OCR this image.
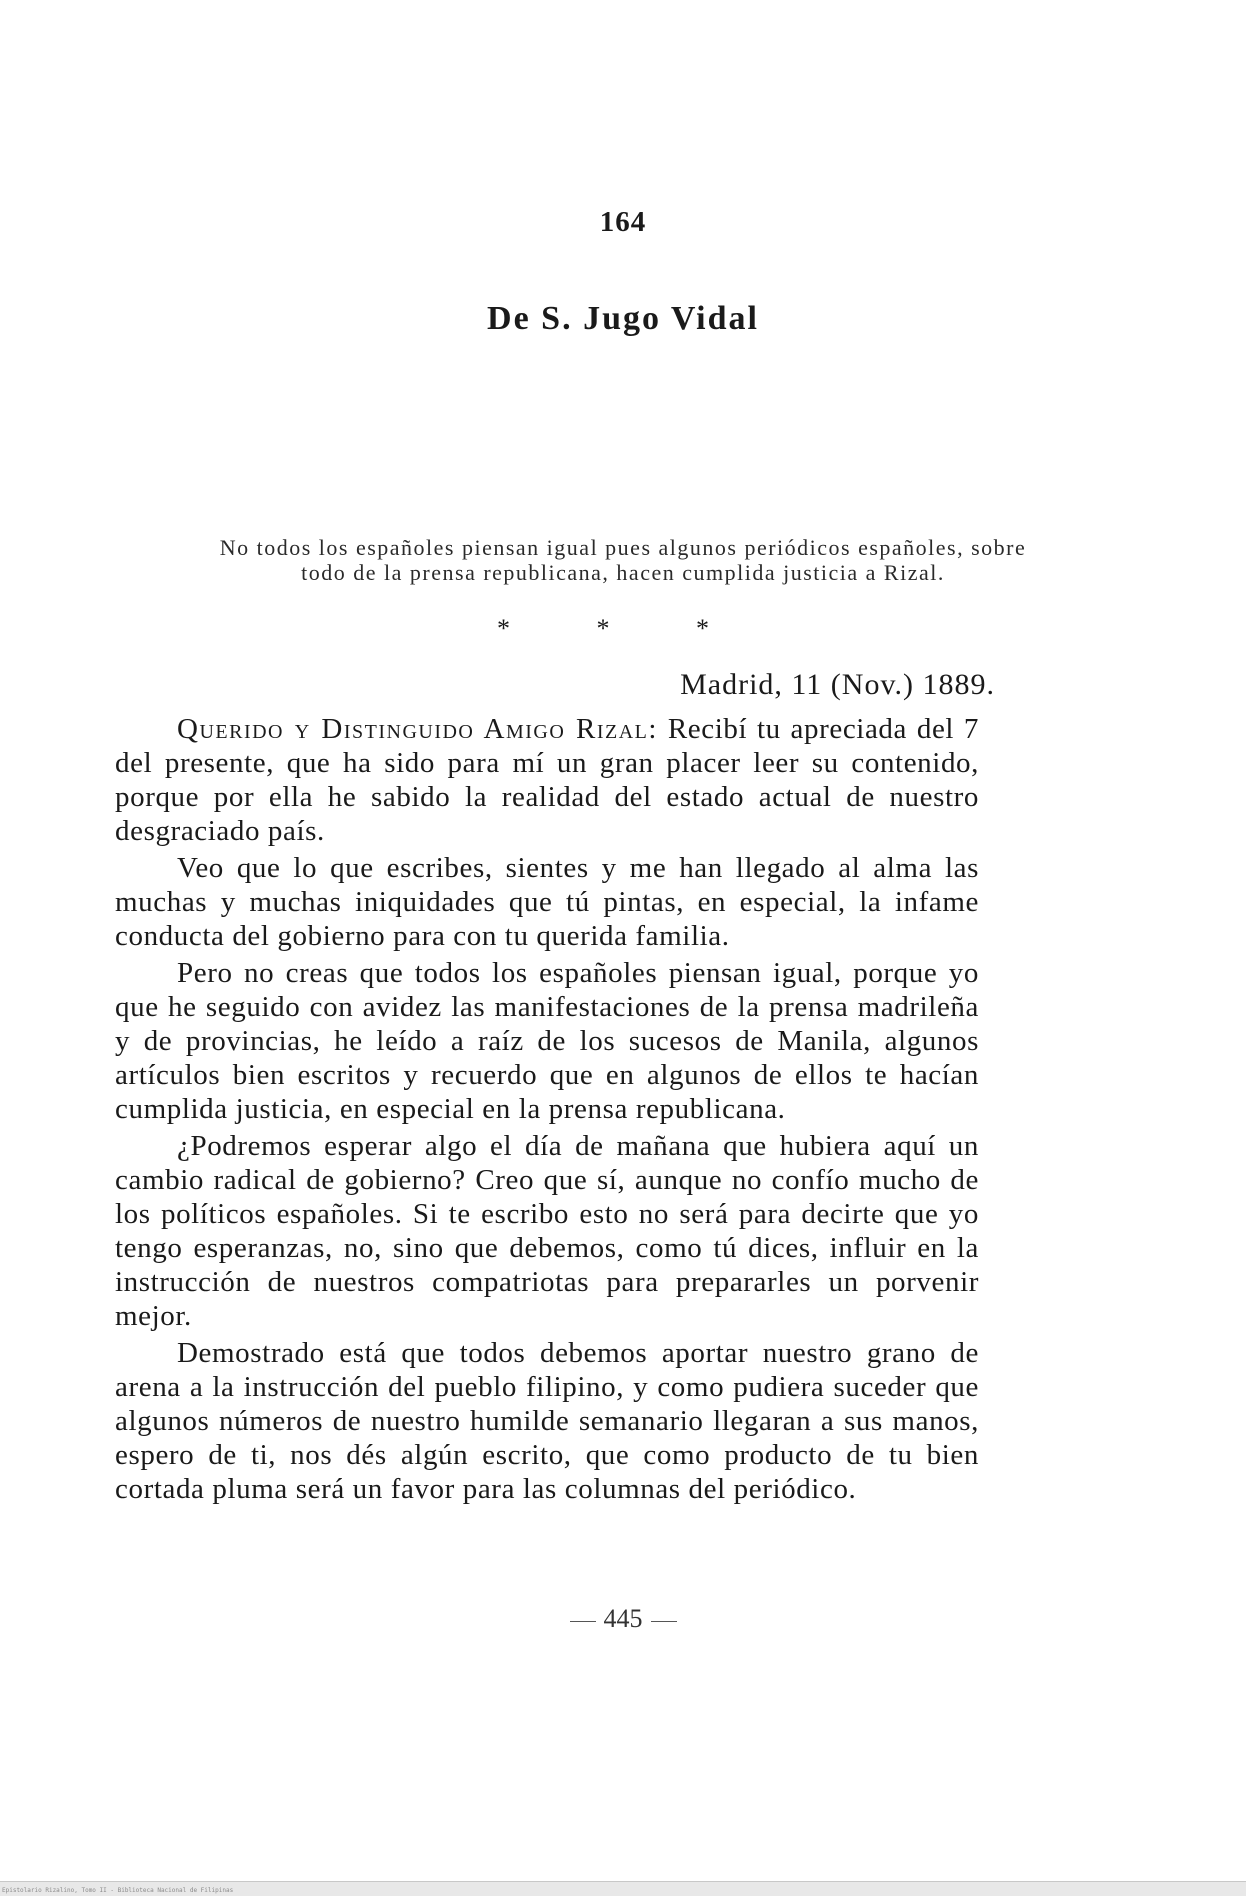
164
De S. Jugo Vidal
No todos los españoles piensan igual pues algunos periódicos españoles, sobre todo de la prensa republicana, hacen cumplida justicia a Rizal.
* * *
Madrid, 11 (Nov.) 1889.

Querido y Distinguido Amigo Rizal: Recibí tu apreciada del 7 del presente, que ha sido para mí un gran placer leer su contenido, porque por ella he sabido la realidad del estado actual de nuestro desgraciado país.

Veo que lo que escribes, sientes y me han llegado al alma las muchas y muchas iniquidades que tú pintas, en especial, la infame conducta del gobierno para con tu querida familia.

Pero no creas que todos los españoles piensan igual, porque yo que he seguido con avidez las manifestaciones de la prensa madrileña y de provincias, he leído a raíz de los sucesos de Manila, algunos artículos bien escritos y recuerdo que en algunos de ellos te hacían cumplida justicia, en especial en la prensa republicana.

¿Podremos esperar algo el día de mañana que hubiera aquí un cambio radical de gobierno? Creo que sí, aunque no confío mucho de los políticos españoles. Si te escribo esto no será para decirte que yo tengo esperanzas, no, sino que debemos, como tú dices, influir en la instrucción de nuestros compatriotas para prepararles un porvenir mejor.

Demostrado está que todos debemos aportar nuestro grano de arena a la instrucción del pueblo filipino, y como pudiera suceder que algunos números de nuestro humilde semanario llegaran a sus manos, espero de ti, nos dés algún escrito, que como producto de tu bien cortada pluma será un favor para las columnas del periódico.

445
Epistolario Rizalino, Tomo II - Biblioteca Nacional de Filipinas
